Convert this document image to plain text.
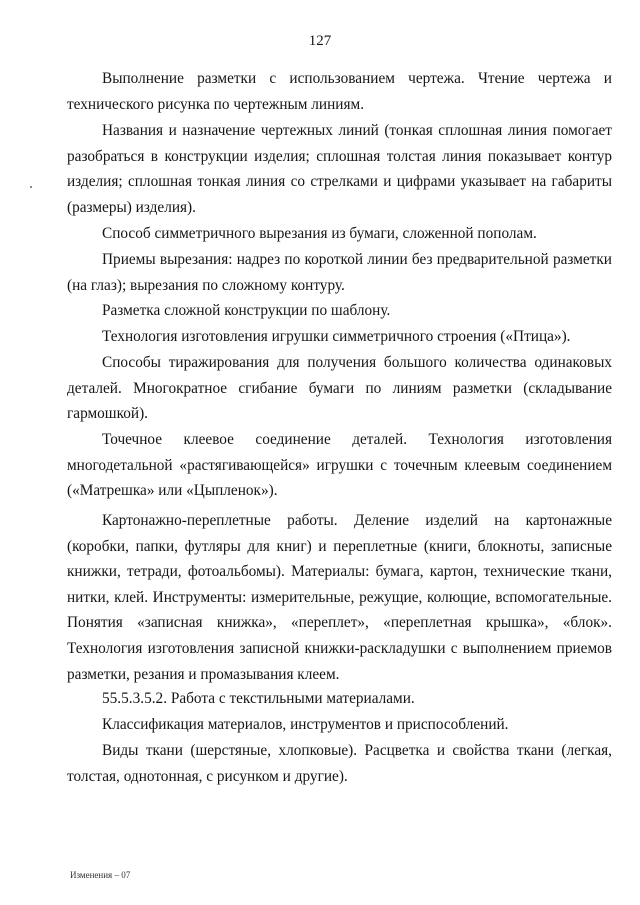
127

Выполнение разметки с использованием чертежа. Чтение чертежа и технического рисунка по чертежным линиям.

Названия и назначение чертежных линий (тонкая сплошная линия помогает разобраться в конструкции изделия; сплошная толстая линия показывает контур изделия; сплошная тонкая линия со стрелками и цифрами указывает на габариты (размеры) изделия).

Способ симметричного вырезания из бумаги, сложенной пополам.

Приемы вырезания: надрез по короткой линии без предварительной разметки (на глаз); вырезания по сложному контуру.

Разметка сложной конструкции по шаблону.

Технология изготовления игрушки симметричного строения («Птица»).

Способы тиражирования для получения большого количества одинаковых деталей. Многократное сгибание бумаги по линиям разметки (складывание гармошкой).

Точечное клеевое соединение деталей. Технология изготовления многодетальной «растягивающейся» игрушки с точечным клеевым соединением («Матрешка» или «Цыпленок»).

Картонажно-переплетные работы. Деление изделий на картонажные (коробки, папки, футляры для книг) и переплетные (книги, блокноты, записные книжки, тетради, фотоальбомы). Материалы: бумага, картон, технические ткани, нитки, клей. Инструменты: измерительные, режущие, колющие, вспомогательные. Понятия «записная книжка», «переплет», «переплетная крышка», «блок». Технология изготовления записной книжки-раскладушки с выполнением приемов разметки, резания и промазывания клеем.

55.5.3.5.2. Работа с текстильными материалами.

Классификация материалов, инструментов и приспособлений.

Виды ткани (шерстяные, хлопковые). Расцветка и свойства ткани (легкая, толстая, однотонная, с рисунком и другие).

Изменения – 07
